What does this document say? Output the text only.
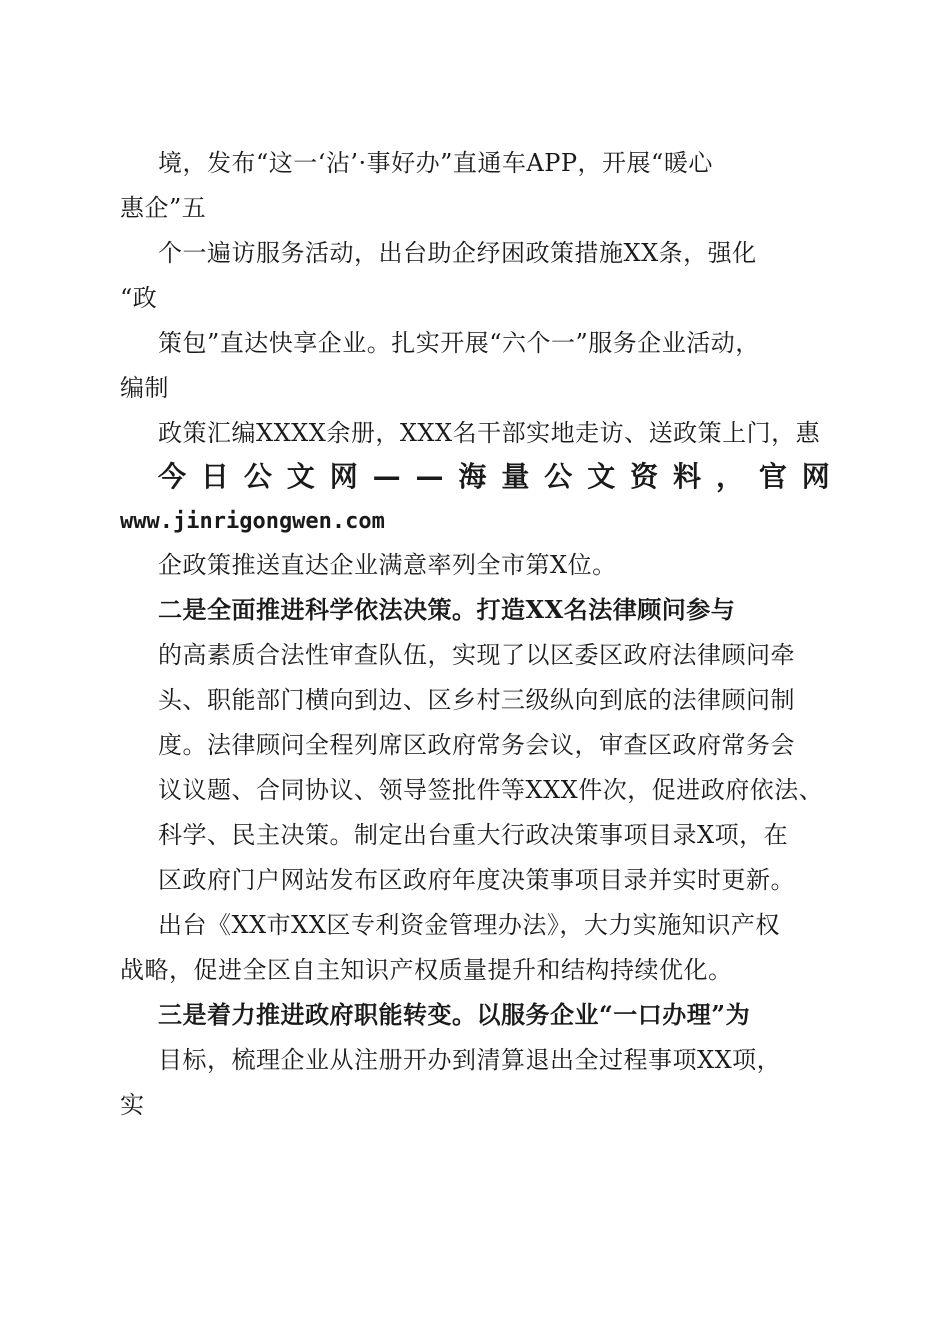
境，发布“这一‘沾’·事好办”直通车APP，开展“暖心
惠企”五
个一遍访服务活动，出台助企纾困政策措施XX条，强化
“政
策包”直达快享企业。扎实开展“六个一”服务企业活动，
编制
政策汇编XXXX余册，XXX名干部实地走访、送政策上门，惠
今 日 公 文 网 — — 海 量 公 文 资 料 ， 官 网
www.jinrigongwen.com
企政策推送直达企业满意率列全市第X位。
二是全面推进科学依法决策。打造XX名法律顾问参与
的高素质合法性审查队伍，实现了以区委区政府法律顾问牵
头、职能部门横向到边、区乡村三级纵向到底的法律顾问制
度。法律顾问全程列席区政府常务会议，审查区政府常务会
议议题、合同协议、领导签批件等XXX件次，促进政府依法、
科学、民主决策。制定出台重大行政决策事项目录X项，在
区政府门户网站发布区政府年度决策事项目录并实时更新。
出台《XX市XX区专利资金管理办法》，大力实施知识产权
战略，促进全区自主知识产权质量提升和结构持续优化。
三是着力推进政府职能转变。以服务企业“一口办理”为
目标，梳理企业从注册开办到清算退出全过程事项XX项，
实
